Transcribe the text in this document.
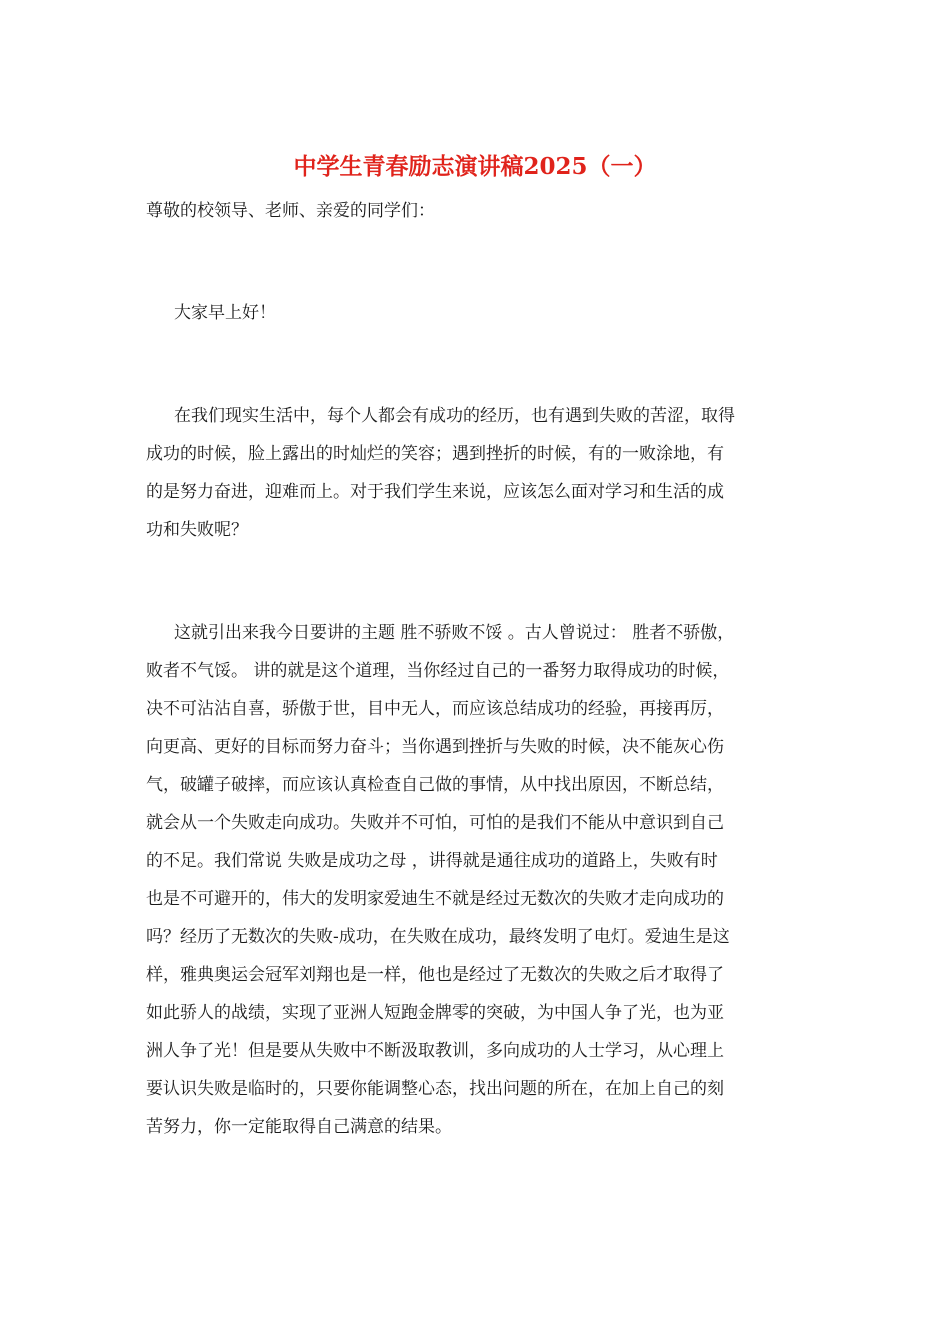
中学生青春励志演讲稿2025（一）

尊敬的校领导、老师、亲爱的同学们：

大家早上好！

在我们现实生活中，每个人都会有成功的经历，也有遇到失败的苦涩，取得
成功的时候，脸上露出的时灿烂的笑容；遇到挫折的时候，有的一败涂地，有
的是努力奋进，迎难而上。对于我们学生来说，应该怎么面对学习和生活的成
功和失败呢？

这就引出来我今日要讲的主题 胜不骄败不馁 。古人曾说过： 胜者不骄傲，
败者不气馁。 讲的就是这个道理，当你经过自己的一番努力取得成功的时候，
决不可沾沾自喜，骄傲于世，目中无人，而应该总结成功的经验，再接再厉，
向更高、更好的目标而努力奋斗；当你遇到挫折与失败的时候，决不能灰心伤
气，破罐子破摔，而应该认真检查自己做的事情，从中找出原因，不断总结，
就会从一个失败走向成功。失败并不可怕，可怕的是我们不能从中意识到自己
的不足。我们常说 失败是成功之母 ，讲得就是通往成功的道路上，失败有时
也是不可避开的，伟大的发明家爱迪生不就是经过无数次的失败才走向成功的
吗？经历了无数次的失败-成功，在失败在成功，最终发明了电灯。爱迪生是这
样，雅典奥运会冠军刘翔也是一样，他也是经过了无数次的失败之后才取得了
如此骄人的战绩，实现了亚洲人短跑金牌零的突破，为中国人争了光，也为亚
洲人争了光！但是要从失败中不断汲取教训，多向成功的人士学习，从心理上
要认识失败是临时的，只要你能调整心态，找出问题的所在，在加上自己的刻
苦努力，你一定能取得自己满意的结果。
